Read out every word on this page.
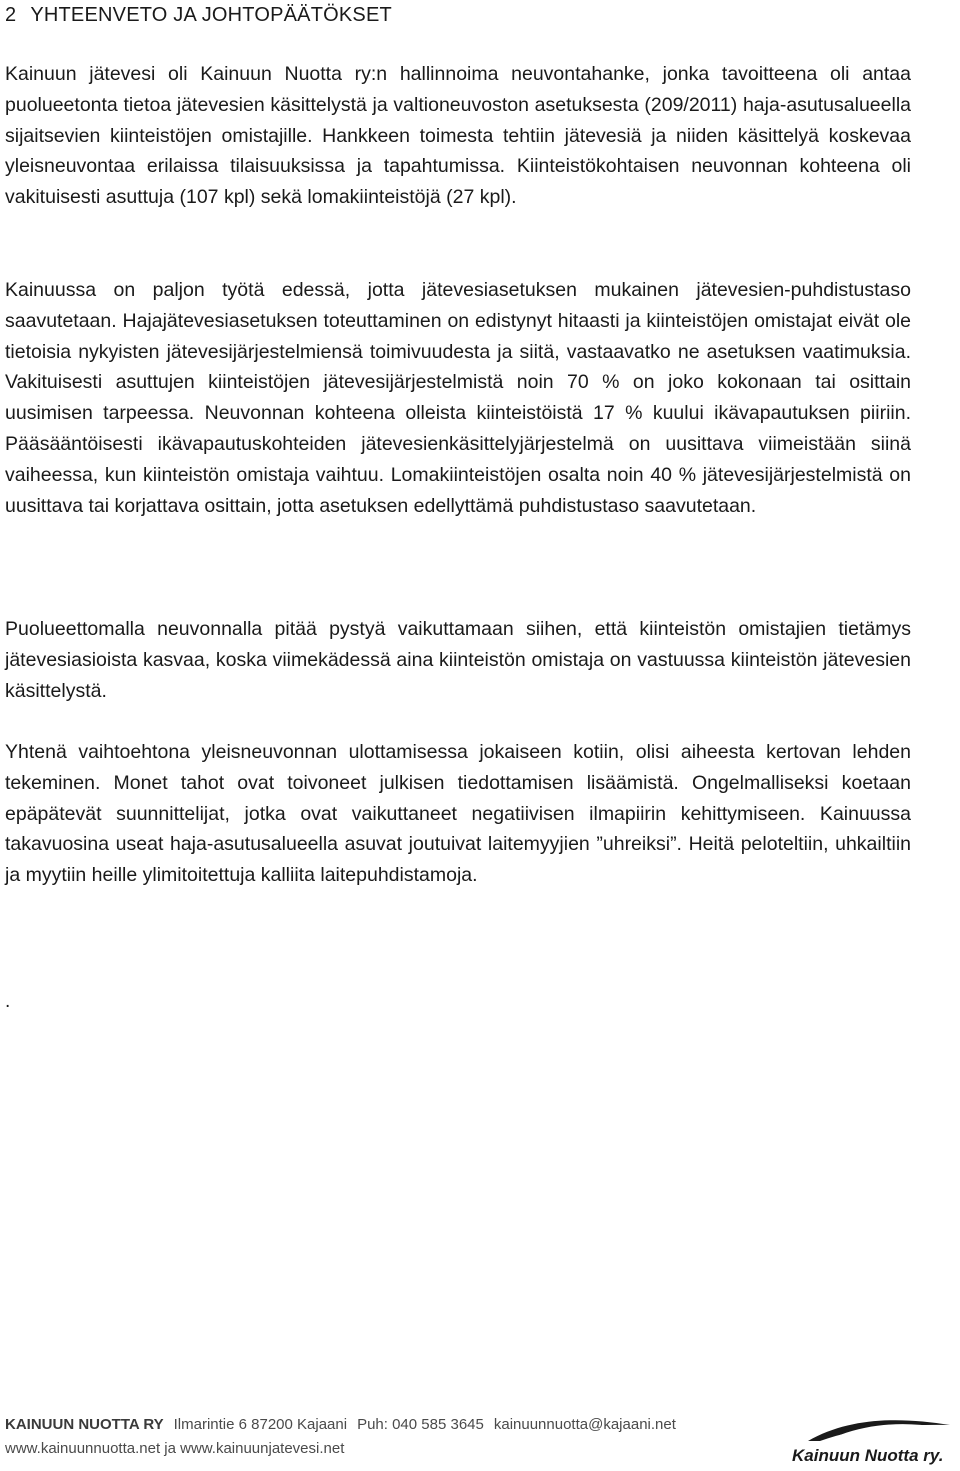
2 YHTEENVETO JA JOHTOPÄÄTÖKSET

Kainuun jätevesi oli Kainuun Nuotta ry:n hallinnoima neuvontahanke, jonka tavoitteena oli antaa puolueetonta tietoa jätevesien käsittelystä ja valtioneuvoston asetuksesta (209/2011) haja-asutusalueella sijaitsevien kiinteistöjen omistajille. Hankkeen toimesta tehtiin jätevesiä ja niiden käsittelyä koskevaa yleisneuvontaa erilaissa tilaisuuksissa ja tapahtumissa. Kiinteistökohtaisen neuvonnan kohteena oli vakituisesti asuttuja (107 kpl) sekä lomakiinteistöjä (27 kpl).

Kainuussa on paljon työtä edessä, jotta jätevesiasetuksen mukainen jätevesien-puhdistustaso saavutetaan. Hajajätevesiasetuksen toteuttaminen on edistynyt hitaasti ja kiinteistöjen omistajat eivät ole tietoisia nykyisten jätevesijärjestelmiensä toimivuudesta ja siitä, vastaavatko ne asetuksen vaatimuksia. Vakituisesti asuttujen kiinteistöjen jätevesijärjestelmistä noin 70 % on joko kokonaan tai osittain uusimisen tarpeessa. Neuvonnan kohteena olleista kiinteistöistä 17 % kuului ikävapautuksen piiriin. Pääsääntöisesti ikävapautuskohteiden jätevesienkäsittelyjärjestelmä on uusittava viimeistään siinä vaiheessa, kun kiinteistön omistaja vaihtuu. Lomakiinteistöjen osalta noin 40 % jätevesijärjestelmistä on uusittava tai korjattava osittain, jotta asetuksen edellyttämä puhdistustaso saavutetaan.

Puolueettomalla neuvonnalla pitää pystyä vaikuttamaan siihen, että kiinteistön omistajien tietämys jätevesiasioista kasvaa, koska viimekädessä aina kiinteistön omistaja on vastuussa kiinteistön jätevesien käsittelystä.

Yhtenä vaihtoehtona yleisneuvonnan ulottamisessa jokaiseen kotiin, olisi aiheesta kertovan lehden tekeminen. Monet tahot ovat toivoneet julkisen tiedottamisen lisäämistä. Ongelmalliseksi koetaan epäpätevät suunnittelijat, jotka ovat vaikuttaneet negatiivisen ilmapiirin kehittymiseen. Kainuussa takavuosina useat haja-asutusalueella asuvat joutuivat laitemyyjien ”uhreiksi”. Heitä peloteltiin, uhkailtiin ja myytiin heille ylimitoitettuja kalliita laitepuhdistamoja.

.
KAINUUN NUOTTA RY Ilmarintie 6 87200 Kajaani Puh: 040 585 3645 kainuunnuotta@kajaani.net
www.kainuunnuotta.net ja www.kainuunjatevesi.net	Kainuun Nuotta ry.
